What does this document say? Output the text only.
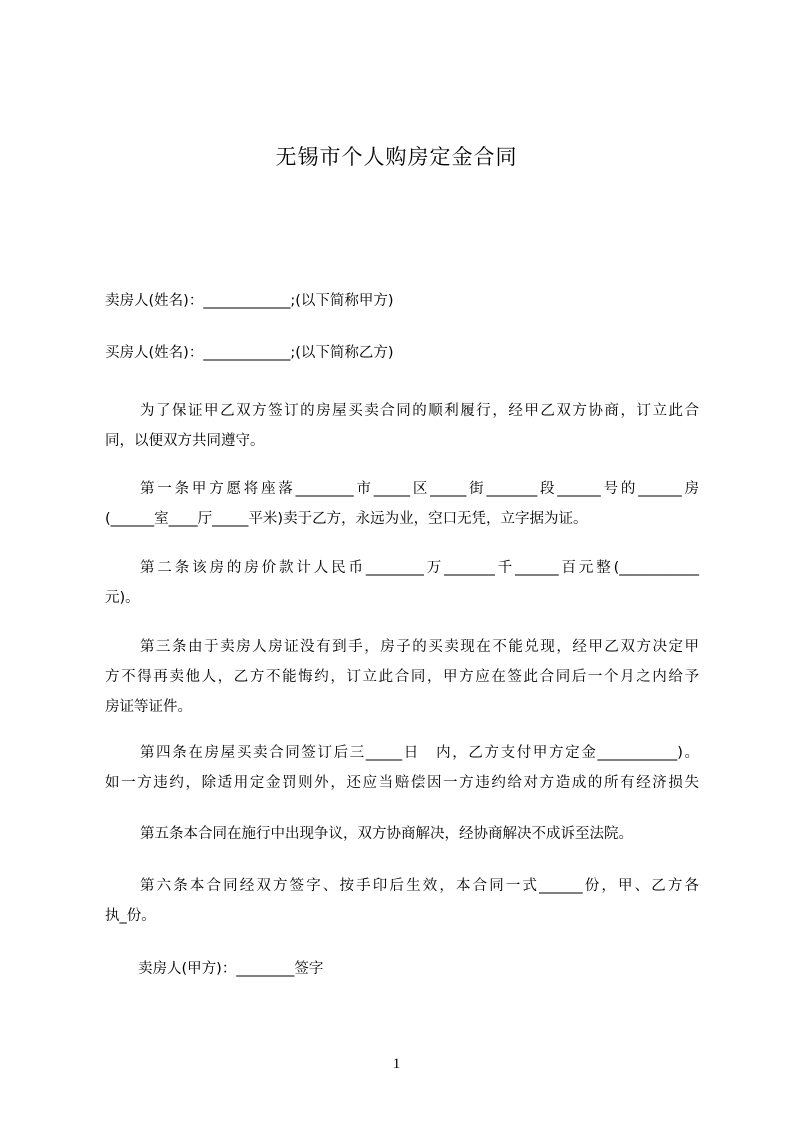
无锡市个人购房定金合同
卖房人(姓名)：____________;(以下简称甲方)
买房人(姓名)：____________;(以下简称乙方)
为了保证甲乙双方签订的房屋买卖合同的顺利履行，经甲乙双方协商，订立此合
同，以便双方共同遵守。
第一条甲方愿将座落________市_____区_____街_______段______号的______房
(______室____厅_____平米)卖于乙方，永远为业，空口无凭，立字据为证。
第二条该房的房价款计人民币________万_______千______百元整(___________
元)。
第三条由于卖房人房证没有到手，房子的买卖现在不能兑现，经甲乙双方决定甲
方不得再卖他人，乙方不能悔约，订立此合同，甲方应在签此合同后一个月之内给予
房证等证件。
第四条在房屋买卖合同签订后三_____日　内，乙方支付甲方定金___________)。
如一方违约，除适用定金罚则外，还应当赔偿因一方违约给对方造成的所有经济损失
第五条本合同在施行中出现争议，双方协商解决，经协商解决不成诉至法院。
第六条本合同经双方签字、按手印后生效，本合同一式______份，甲、乙方各
执_份。
卖房人(甲方)：________签字
1
